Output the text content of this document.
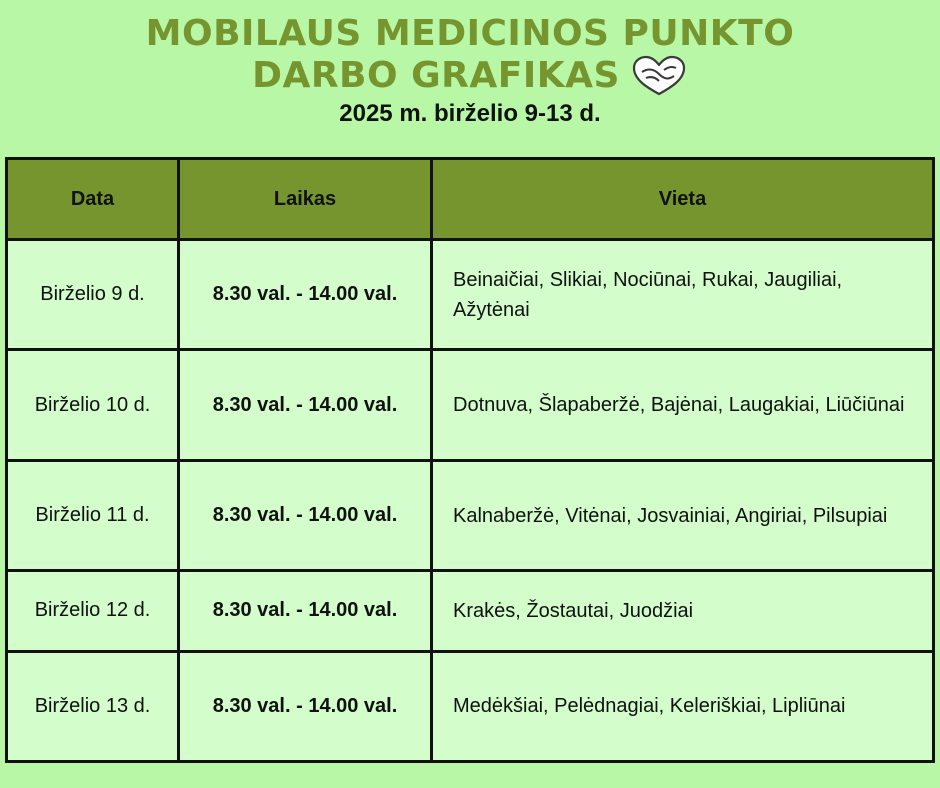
MOBILAUS MEDICINOS PUNKTO
DARBO GRAFIKAS
2025 m. birželio 9-13 d.
Data	Laikas	Vieta
Birželio 9 d.	8.30 val. - 14.00 val.	Beinaičiai, Slikiai, Nociūnai, Rukai, Jaugiliai, Ažytėnai
Birželio 10 d.	8.30 val. - 14.00 val.	Dotnuva, Šlapaberžė, Bajėnai, Laugakiai, Liūčiūnai
Birželio 11 d.	8.30 val. - 14.00 val.	Kalnaberžė, Vitėnai, Josvainiai, Angiriai, Pilsupiai
Birželio 12 d.	8.30 val. - 14.00 val.	Krakės, Žostautai, Juodžiai
Birželio 13 d.	8.30 val. - 14.00 val.	Medėkšiai, Pelėdnagiai, Keleriškiai, Lipliūnai
